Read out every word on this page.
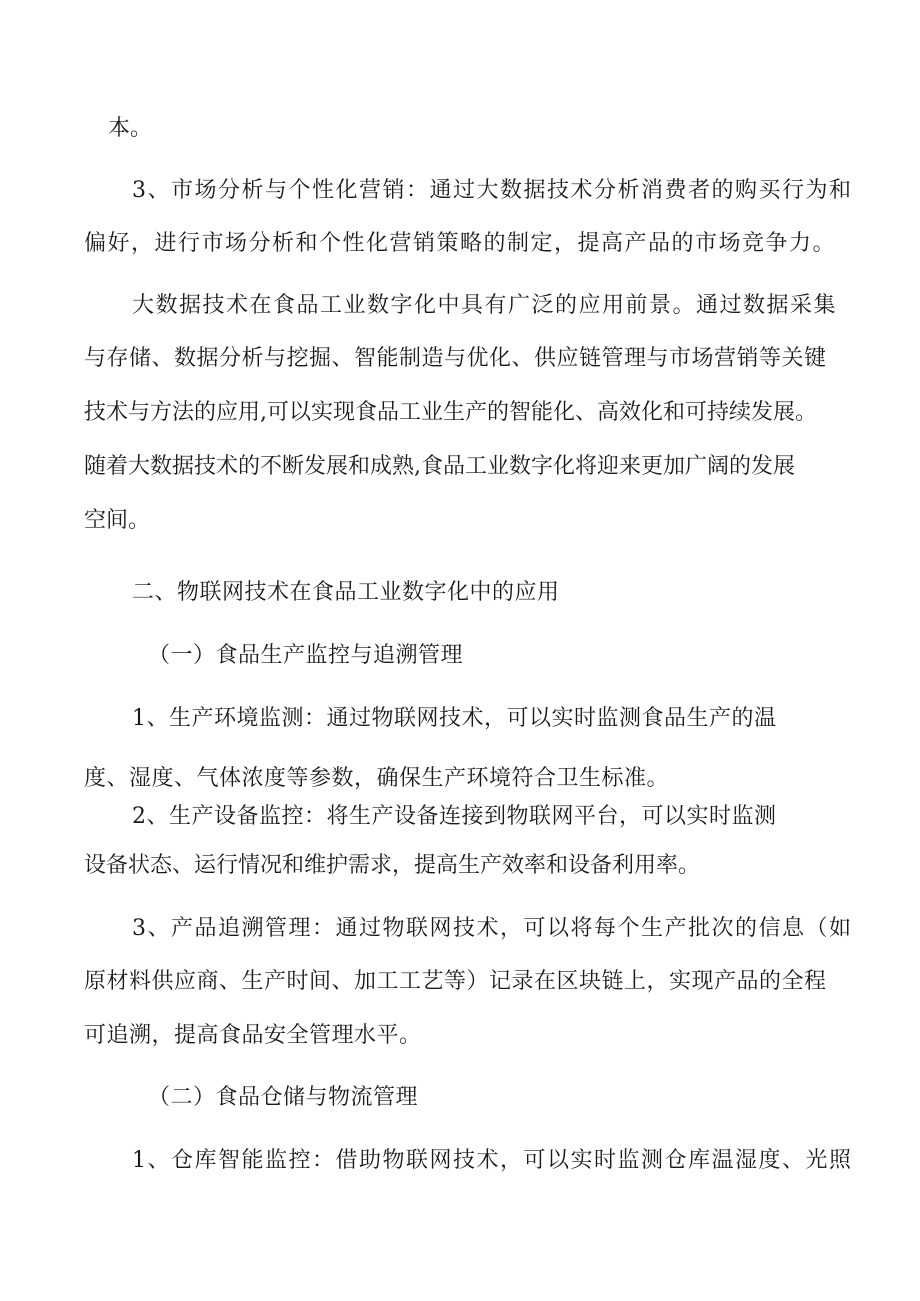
本。

3、市场分析与个性化营销：通过大数据技术分析消费者的购买行为和

偏好，进行市场分析和个性化营销策略的制定，提高产品的市场竞争力。

大数据技术在食品工业数字化中具有广泛的应用前景。通过数据采集

与存储、数据分析与挖掘、智能制造与优化、供应链管理与市场营销等关键

技术与方法的应用,可以实现食品工业生产的智能化、高效化和可持续发展。

随着大数据技术的不断发展和成熟,食品工业数字化将迎来更加广阔的发展

空间。

二、物联网技术在食品工业数字化中的应用

（一）食品生产监控与追溯管理

1、生产环境监测：通过物联网技术，可以实时监测食品生产的温

度、湿度、气体浓度等参数，确保生产环境符合卫生标准。

2、生产设备监控：将生产设备连接到物联网平台，可以实时监测

设备状态、运行情况和维护需求，提高生产效率和设备利用率。

3、产品追溯管理：通过物联网技术，可以将每个生产批次的信息（如

原材料供应商、生产时间、加工工艺等）记录在区块链上，实现产品的全程

可追溯，提高食品安全管理水平。

（二）食品仓储与物流管理

1、仓库智能监控：借助物联网技术，可以实时监测仓库温湿度、光照
